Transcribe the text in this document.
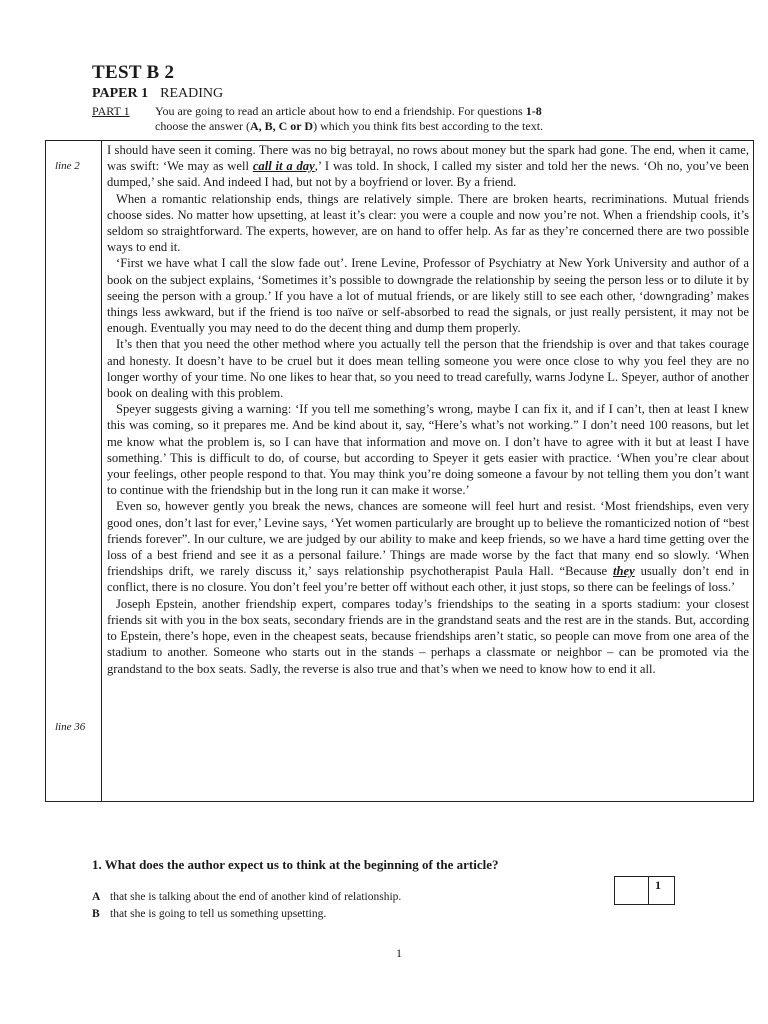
TEST B 2
PAPER 1 READING
PART 1 You are going to read an article about how to end a friendship. For questions 1-8
choose the answer (A, B, C or D) which you think fits best according to the text.
line 2
line 36

I should have seen it coming. There was no big betrayal, no rows about money but the spark had gone. The end, when it came, was swift: ‘We may as well call it a day,’ I was told. In shock, I called my sister and told her the news. ‘Oh no, you’ve been dumped,’ she said. And indeed I had, but not by a boyfriend or lover. By a friend.

When a romantic relationship ends, things are relatively simple. There are broken hearts, recriminations. Mutual friends choose sides. No matter how upsetting, at least it’s clear: you were a couple and now you’re not. When a friendship cools, it’s seldom so straightforward. The experts, however, are on hand to offer help. As far as they’re concerned there are two possible ways to end it.

‘First we have what I call the slow fade out’. Irene Levine, Professor of Psychiatry at New York University and author of a book on the subject explains, ‘Sometimes it’s possible to downgrade the relationship by seeing the person less or to dilute it by seeing the person with a group.’ If you have a lot of mutual friends, or are likely still to see each other, ‘downgrading’ makes things less awkward, but if the friend is too naïve or self-absorbed to read the signals, or just really persistent, it may not be enough. Eventually you may need to do the decent thing and dump them properly.

It’s then that you need the other method where you actually tell the person that the friendship is over and that takes courage and honesty. It doesn’t have to be cruel but it does mean telling someone you were once close to why you feel they are no longer worthy of your time. No one likes to hear that, so you need to tread carefully, warns Jodyne L. Speyer, author of another book on dealing with this problem.

Speyer suggests giving a warning: ‘If you tell me something’s wrong, maybe I can fix it, and if I can’t, then at least I knew this was coming, so it prepares me. And be kind about it, say, “Here’s what’s not working.” I don’t need 100 reasons, but let me know what the problem is, so I can have that information and move on. I don’t have to agree with it but at least I have something.’ This is difficult to do, of course, but according to Speyer it gets easier with practice. ‘When you’re clear about your feelings, other people respond to that. You may think you’re doing someone a favour by not telling them you don’t want to continue with the friendship but in the long run it can make it worse.’

Even so, however gently you break the news, chances are someone will feel hurt and resist. ‘Most friendships, even very good ones, don’t last for ever,’ Levine says, ‘Yet women particularly are brought up to believe the romanticized notion of “best friends forever”. In our culture, we are judged by our ability to make and keep friends, so we have a hard time getting over the loss of a best friend and see it as a personal failure.’ Things are made worse by the fact that many end so slowly. ‘When friendships drift, we rarely discuss it,’ says relationship psychotherapist Paula Hall. “Because they usually don’t end in conflict, there is no closure. You don’t feel you’re better off without each other, it just stops, so there can be feelings of loss.’

Joseph Epstein, another friendship expert, compares today’s friendships to the seating in a sports stadium: your closest friends sit with you in the box seats, secondary friends are in the grandstand seats and the rest are in the stands. But, according to Epstein, there’s hope, even in the cheapest seats, because friendships aren’t static, so people can move from one area of the stadium to another. Someone who starts out in the stands – perhaps a classmate or neighbor – can be promoted via the grandstand to the box seats. Sadly, the reverse is also true and that’s when we need to know how to end it all.

1. What does the author expect us to think at the beginning of the article?
A that she is talking about the end of another kind of relationship.
B that she is going to tell us something upsetting.
1
1
